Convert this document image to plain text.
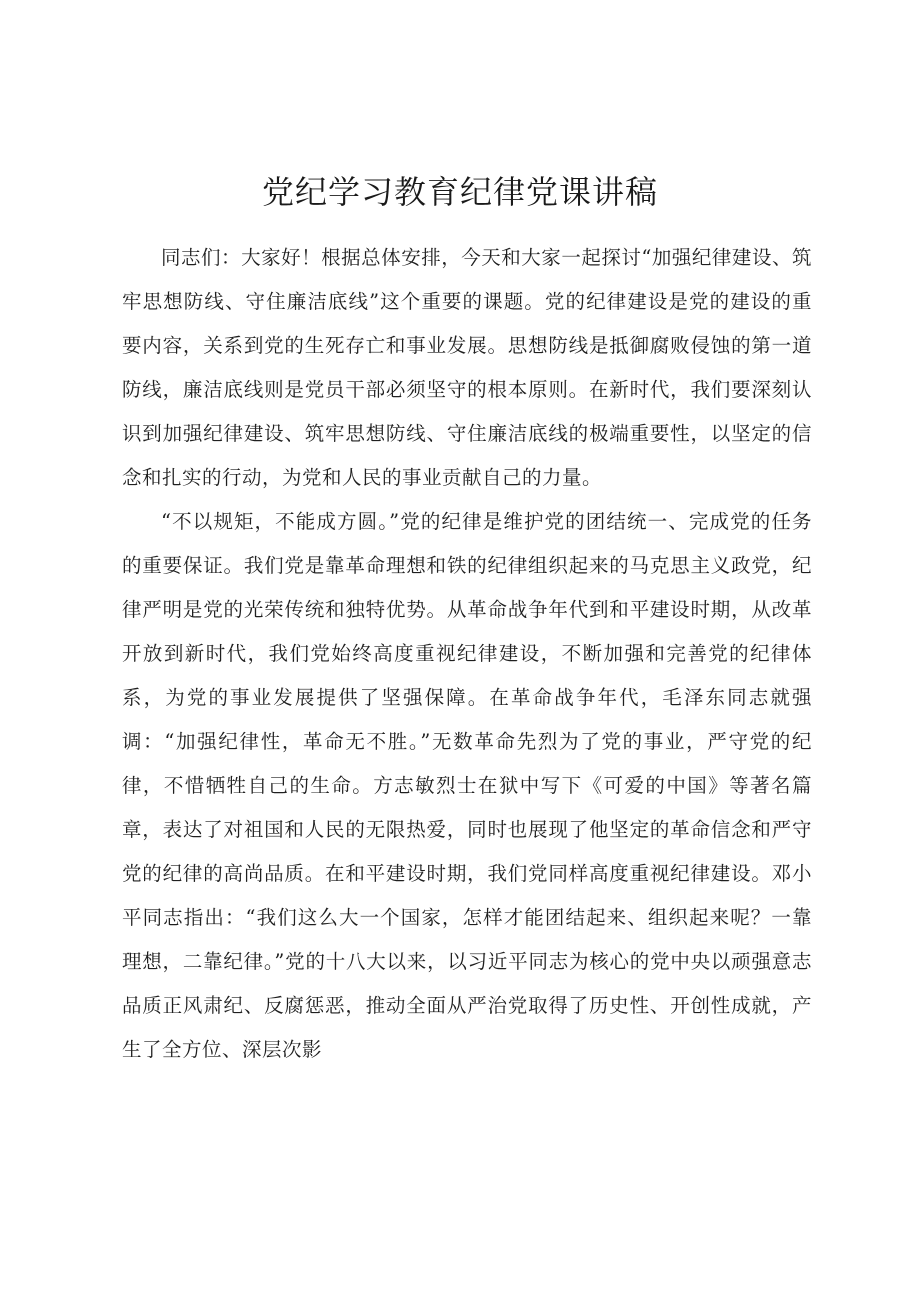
党纪学习教育纪律党课讲稿

同志们：大家好！根据总体安排，今天和大家一起探讨“加强纪律建设、筑牢思想防线、守住廉洁底线”这个重要的课题。党的纪律建设是党的建设的重要内容，关系到党的生死存亡和事业发展。思想防线是抵御腐败侵蚀的第一道防线，廉洁底线则是党员干部必须坚守的根本原则。在新时代，我们要深刻认识到加强纪律建设、筑牢思想防线、守住廉洁底线的极端重要性，以坚定的信念和扎实的行动，为党和人民的事业贡献自己的力量。

“不以规矩，不能成方圆。”党的纪律是维护党的团结统一、完成党的任务的重要保证。我们党是靠革命理想和铁的纪律组织起来的马克思主义政党，纪律严明是党的光荣传统和独特优势。从革命战争年代到和平建设时期，从改革开放到新时代，我们党始终高度重视纪律建设，不断加强和完善党的纪律体系，为党的事业发展提供了坚强保障。在革命战争年代，毛泽东同志就强调：“加强纪律性，革命无不胜。”无数革命先烈为了党的事业，严守党的纪律，不惜牺牲自己的生命。方志敏烈士在狱中写下《可爱的中国》等著名篇章，表达了对祖国和人民的无限热爱，同时也展现了他坚定的革命信念和严守党的纪律的高尚品质。在和平建设时期，我们党同样高度重视纪律建设。邓小平同志指出：“我们这么大一个国家，怎样才能团结起来、组织起来呢？一靠理想，二靠纪律。”党的十八大以来，以习近平同志为核心的党中央以顽强意志品质正风肃纪、反腐惩恶，推动全面从严治党取得了历史性、开创性成就，产生了全方位、深层次影
